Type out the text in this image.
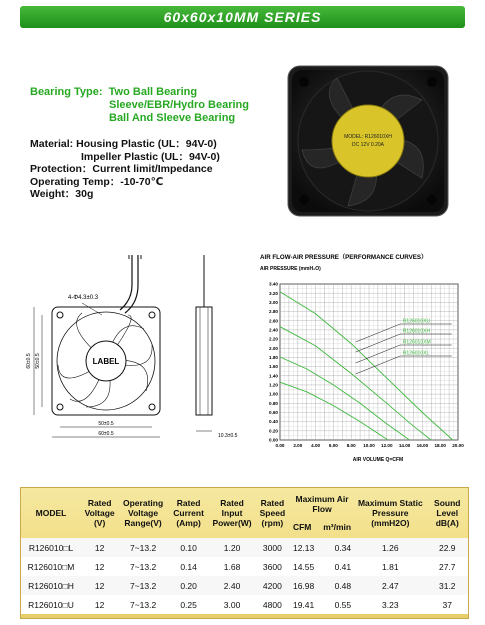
60x60x10MM SERIES
Bearing Type: Two Ball Bearing
Sleeve/EBR/Hydro Bearing
Ball And Sleeve Bearing
Material: Housing Plastic (UL：94V-0)
Impeller Plastic (UL：94V-0)
Protection：Current limit/Impedance
Operating Temp：-10-70℃
Weight：30g
MODEL: R126010XH
DC 12V 0.20A
4-Φ4.3±0.3
LABEL
60±0.5 50±0.5
50±0.5
60±0.5	10.3±0.5
AIR FLOW-AIR PRESSURE（PERFORMANCE CURVES）
AIR PRESSURE (mmH₂O)
0.00
0.20
0.40
0.60
0.80
1.00
1.20
1.40
1.60
1.80
2.00
2.20
2.40
2.60
2.80
3.00
3.20
3.40
0.00 2.00 4.00 6.00 8.00 10.00 12.00 14.00 16.00 18.00 20.00
R126010XU
R126010XH
R126010XM
R126010XL
AIR VOLUME Q=CFM
MODEL	Rated Voltage (V)	Operating Voltage Range(V)	Rated Current (Amp)	Rated Input Power(W)	Rated Speed (rpm)	Maximum Air Flow
CFM m³/min	Maximum Static Pressure (mmH2O)	Sound Level dB(A)
R126010□L	12	7~13.2	0.10	1.20	3000	12.13 0.34	1.26	22.9
R126010□M	12	7~13.2	0.14	1.68	3600	14.55 0.41	1.81	27.7
R126010□H	12	7~13.2	0.20	2.40	4200	16.98 0.48	2.47	31.2
R126010□U	12	7~13.2	0.25	3.00	4800	19.41 0.55	3.23	37
